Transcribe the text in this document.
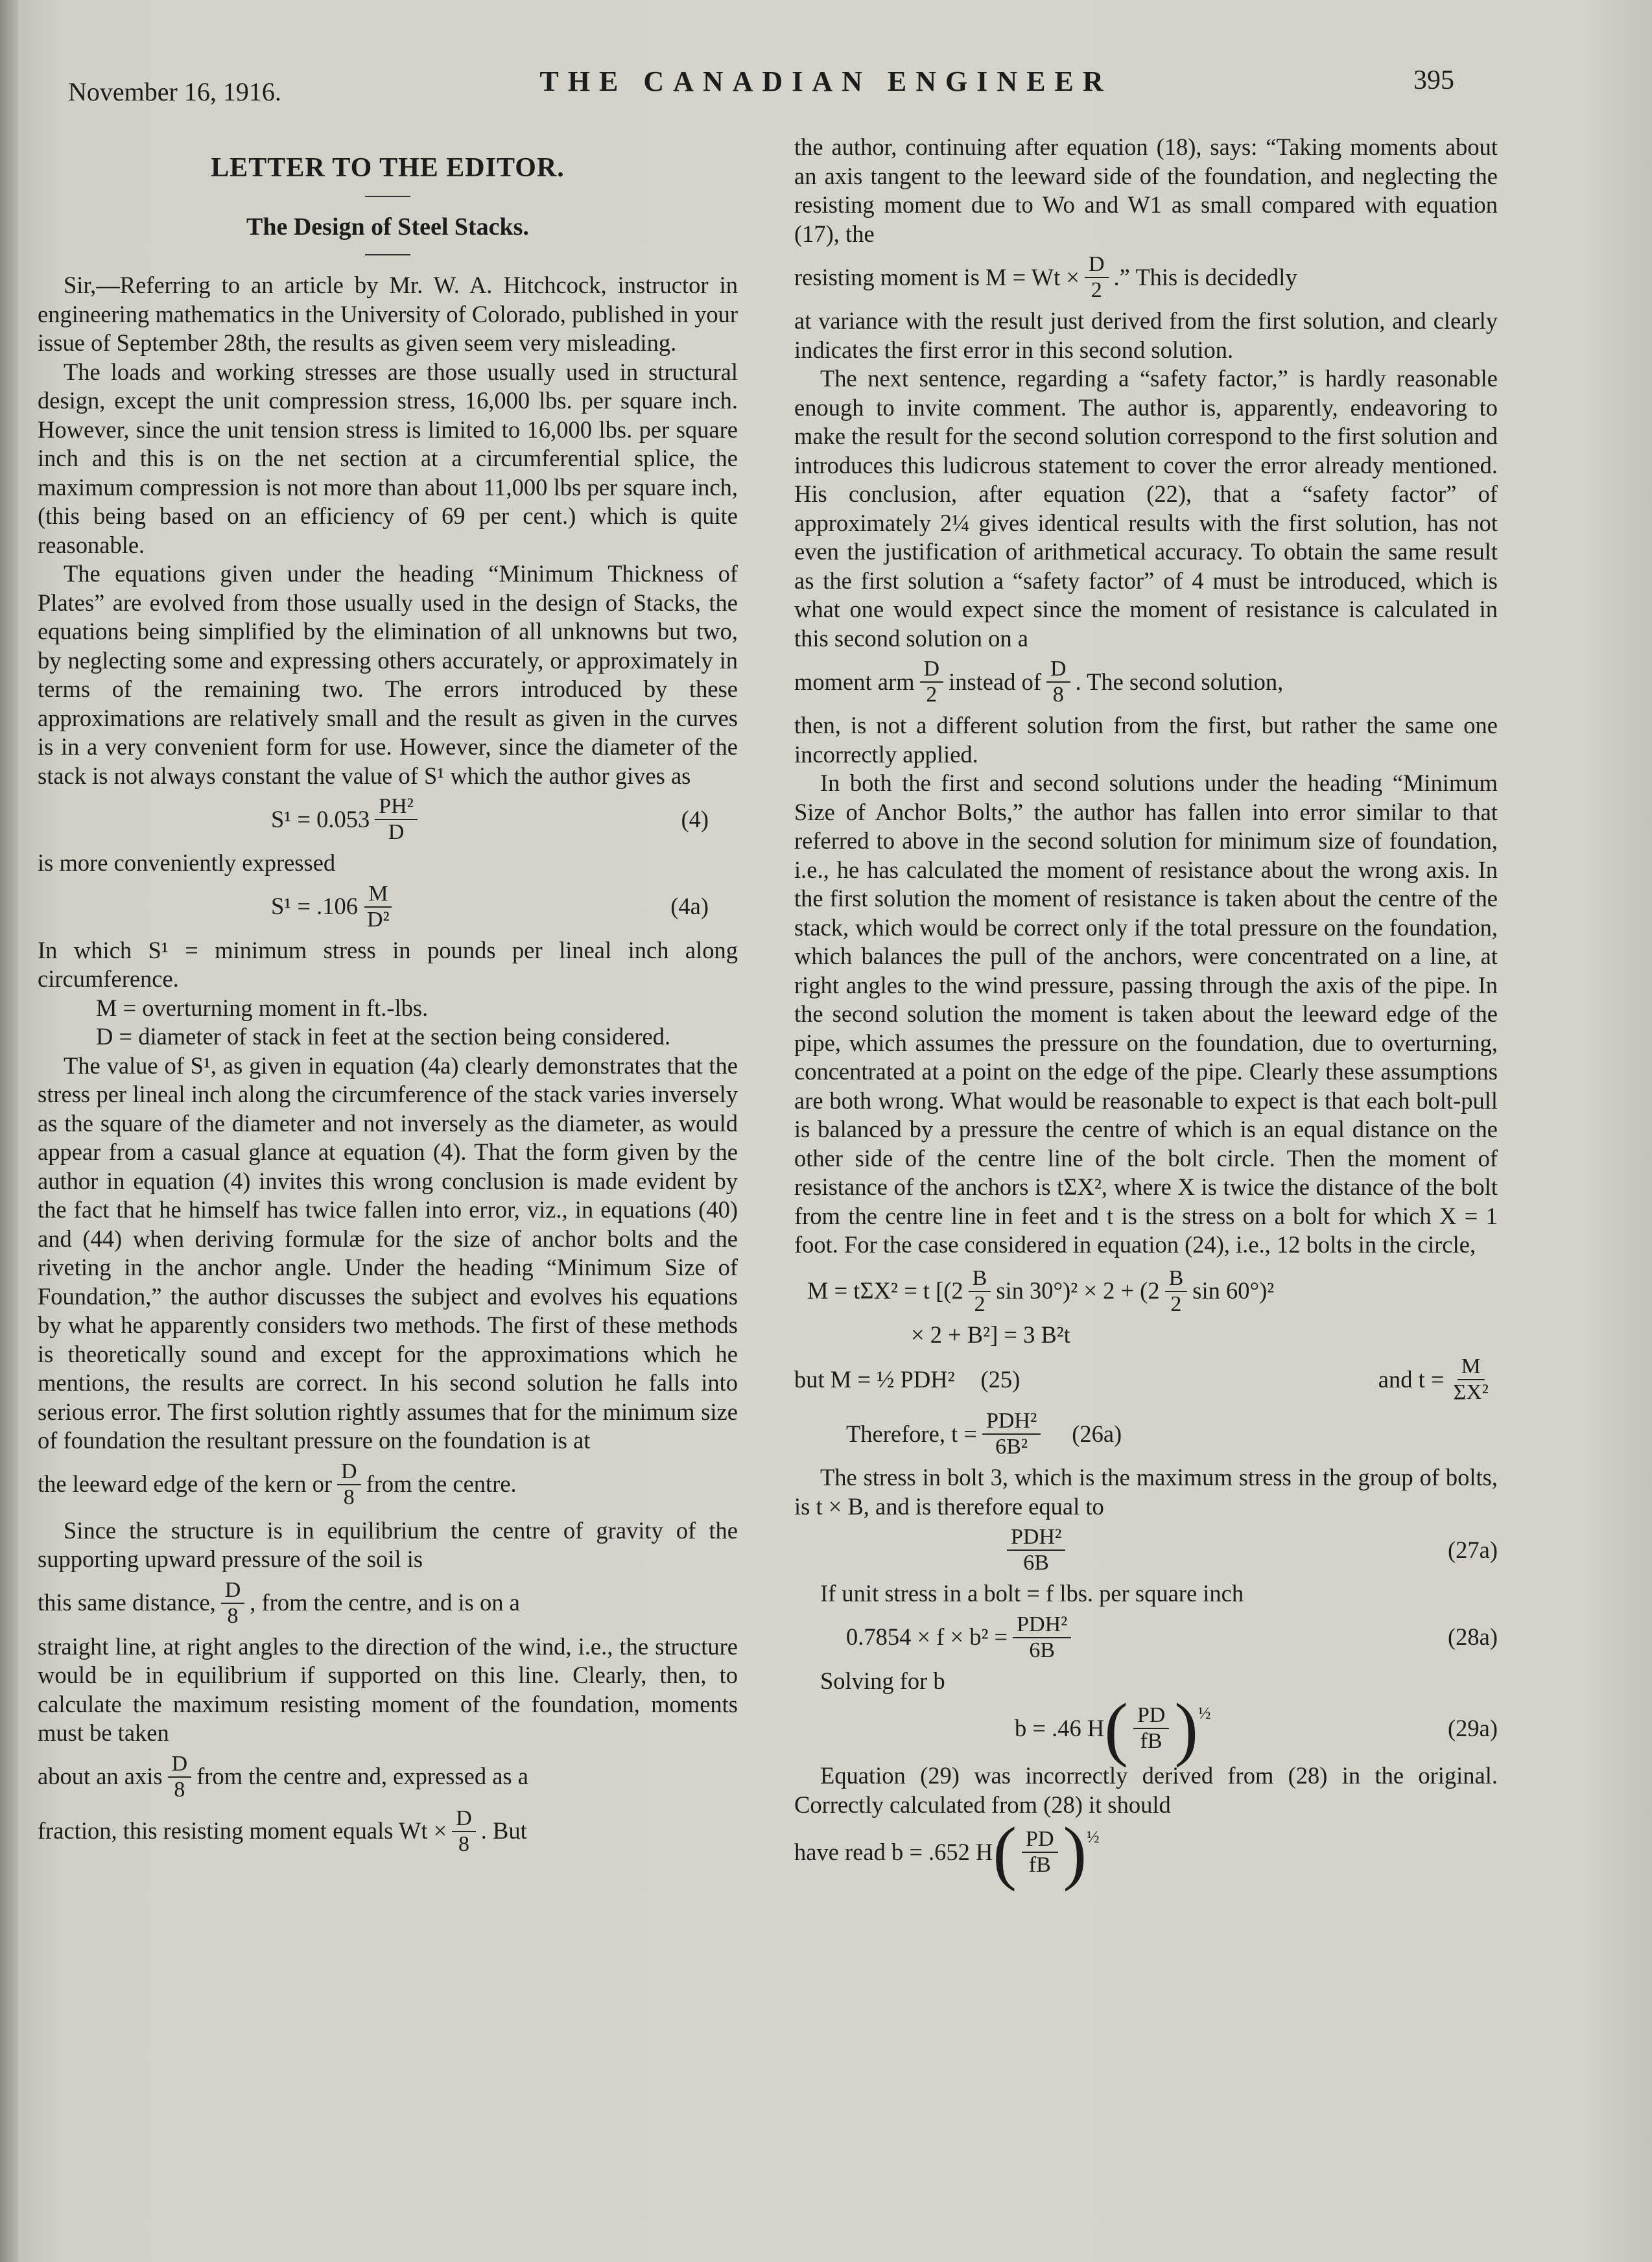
November 16, 1916.	THE CANADIAN ENGINEER	395
LETTER TO THE EDITOR.
The Design of Steel Stacks.

Sir,—Referring to an article by Mr. W. A. Hitchcock, instructor in engineering mathematics in the University of Colorado, published in your issue of September 28th, the results as given seem very misleading.

The loads and working stresses are those usually used in structural design, except the unit compression stress, 16,000 lbs. per square inch. However, since the unit tension stress is limited to 16,000 lbs. per square inch and this is on the net section at a circumferential splice, the maximum compression is not more than about 11,000 lbs per square inch, (this being based on an efficiency of 69 per cent.) which is quite reasonable.

The equations given under the heading “Minimum Thickness of Plates” are evolved from those usually used in the design of Stacks, the equations being simplified by the elimination of all unknowns but two, by neglecting some and expressing others accurately, or approximately in terms of the remaining two. The errors introduced by these approximations are relatively small and the result as given in the curves is in a very convenient form for use. However, since the diameter of the stack is not always constant the value of S¹ which the author gives as

$S^1 = 0.053 \frac{\text{PH²}}{D}$	(4)

is more conveniently expressed

$S^1 = .106 \frac{M}{\text{D²}}$	(4a)

In which S¹ = minimum stress in pounds per lineal inch along circumference.

M = overturning moment in ft.-lbs.

D = diameter of stack in feet at the section being considered.

The value of S¹, as given in equation (4a) clearly demonstrates that the stress per lineal inch along the circumference of the stack varies inversely as the square of the diameter and not inversely as the diameter, as would appear from a casual glance at equation (4). That the form given by the author in equation (4) invites this wrong conclusion is made evident by the fact that he himself has twice fallen into error, viz., in equations (40) and (44) when deriving formulæ for the size of anchor bolts and the riveting in the anchor angle. Under the heading “Minimum Size of Foundation,” the author discusses the subject and evolves his equations by what he apparently considers two methods. The first of these methods is theoretically sound and except for the approximations which he mentions, the results are correct. In his second solution he falls into serious error. The first solution rightly assumes that for the minimum size of foundation the resultant pressure on the foundation is at

the leeward edge of the kern or $\frac{D}{8}$ from the centre.

Since the structure is in equilibrium the centre of gravity of the supporting upward pressure of the soil is

this same distance, $\frac{D}{8}$ , from the centre, and is on a

straight line, at right angles to the direction of the wind, i.e., the structure would be in equilibrium if supported on this line. Clearly, then, to calculate the maximum resisting moment of the foundation, moments must be taken

about an axis $\frac{D}{8}$ from the centre and, expressed as a
fraction, this resisting moment equals $Wt \times \frac{D}{8}$ . But

the author, continuing after equation (18), says: “Taking moments about an axis tangent to the leeward side of the foundation, and neglecting the resisting moment due to Wo and W1 as small compared with equation (17), the

resisting moment is $M = Wt \times \frac{D}{2}$ .” This is decidedly

at variance with the result just derived from the first solution, and clearly indicates the first error in this second solution.

The next sentence, regarding a “safety factor,” is hardly reasonable enough to invite comment. The author is, apparently, endeavoring to make the result for the second solution correspond to the first solution and introduces this ludicrous statement to cover the error already mentioned. His conclusion, after equation (22), that a “safety factor” of approximately 2¼ gives identical results with the first solution, has not even the justification of arithmetical accuracy. To obtain the same result as the first solution a “safety factor” of 4 must be introduced, which is what one would expect since the moment of resistance is calculated in this second solution on a

moment arm $\frac{D}{2}$ instead of $\frac{D}{8}$ . The second solution,

then, is not a different solution from the first, but rather the same one incorrectly applied.

In both the first and second solutions under the heading “Minimum Size of Anchor Bolts,” the author has fallen into error similar to that referred to above in the second solution for minimum size of foundation, i.e., he has calculated the moment of resistance about the wrong axis. In the first solution the moment of resistance is taken about the centre of the stack, which would be correct only if the total pressure on the foundation, which balances the pull of the anchors, were concentrated on a line, at right angles to the wind pressure, passing through the axis of the pipe. In the second solution the moment is taken about the leeward edge of the pipe, which assumes the pressure on the foundation, due to overturning, concentrated at a point on the edge of the pipe. Clearly these assumptions are both wrong. What would be reasonable to expect is that each bolt-pull is balanced by a pressure the centre of which is an equal distance on the other side of the centre line of the bolt circle. Then the moment of resistance of the anchors is tΣX², where X is twice the distance of the bolt from the centre line in feet and t is the stress on a bolt for which X = 1 foot. For the case considered in equation (24), i.e., 12 bolts in the circle,

M = tΣX² = t [($2 \frac{B}{2}$ $\sin 30^\circ)^2 \times 2 + (2 \frac{B}{2}$ sin 60°)²

× 2 + B²] = 3 B²t

but M = ½ PDH² (25)	and $t = \frac{M}{\text{ΣX²}}$
Therefore, $t = \frac{\text{PDH²}}{\text{6B²}} (26a)$

The stress in bolt 3, which is the maximum stress in the group of bolts, is t × B, and is therefore equal to

$\frac{\text{PDH²}}{6B}$	(27a)

If unit stress in a bolt = f lbs. per square inch

$0.7854 \times f \times b^2 = \frac{\text{PDH²}}{6B}$	(28a)

Solving for b

b = .46 H ( $\frac{PD}{fB} )^{\frac{1}{2}}$
(29a)

Equation (29) was incorrectly derived from (28) in the original. Correctly calculated from (28) it should

have read b = .652 H ( $\frac{PD}{fB} )^{\frac{1}{2}}$
